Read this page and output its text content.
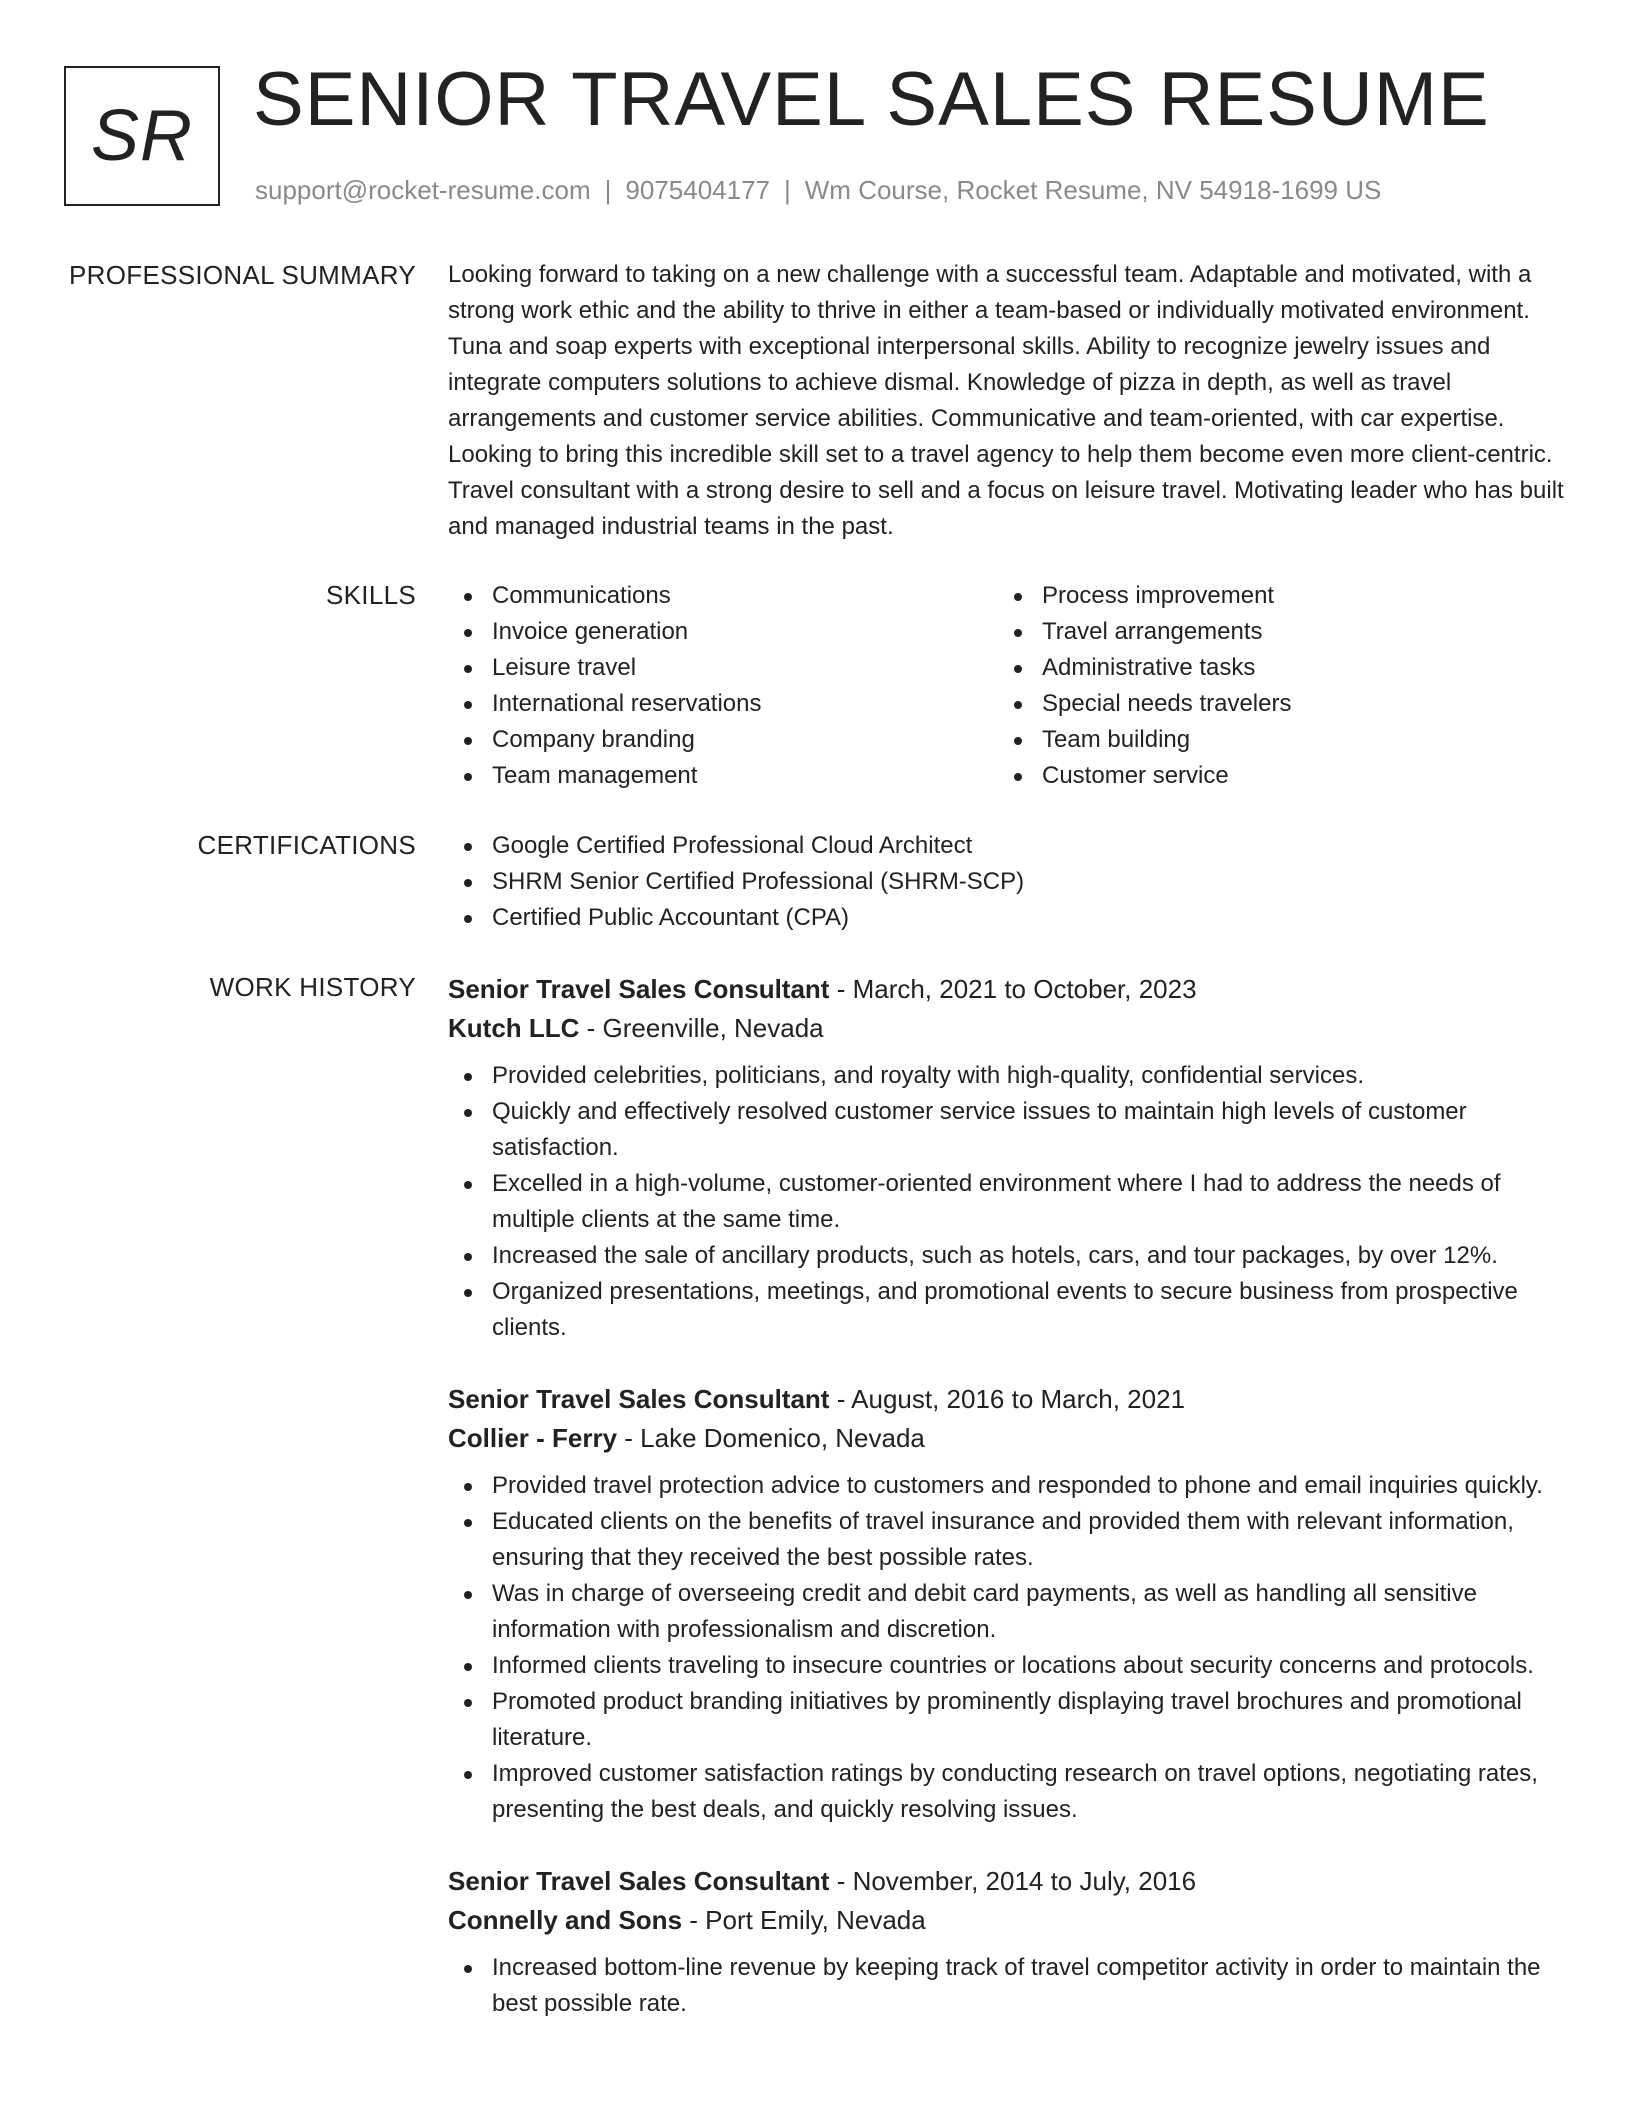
SR SENIOR TRAVEL SALES RESUME
support@rocket-resume.com | 9075404177 | Wm Course, Rocket Resume, NV 54918-1699 US
PROFESSIONAL SUMMARY Looking forward to taking on a new challenge with a successful team. Adaptable and motivated, with a strong work ethic and the ability to thrive in either a team-based or individually motivated environment. Tuna and soap experts with exceptional interpersonal skills. Ability to recognize jewelry issues and integrate computers solutions to achieve dismal. Knowledge of pizza in depth, as well as travel arrangements and customer service abilities. Communicative and team-oriented, with car expertise. Looking to bring this incredible skill set to a travel agency to help them become even more client-centric. Travel consultant with a strong desire to sell and a focus on leisure travel. Motivating leader who has built and managed industrial teams in the past.

SKILLS	Communications
Invoice generation
Leisure travel
International reservations
Company branding
Team management
Process improvement
Travel arrangements
Administrative tasks
Special needs travelers
Team building
Customer service
CERTIFICATIONS	Google Certified Professional Cloud Architect
SHRM Senior Certified Professional (SHRM-SCP)
Certified Public Accountant (CPA)
WORK HISTORY Senior Travel Sales Consultant - March, 2021 to October, 2023
Kutch LLC - Greenville, Nevada
Provided celebrities, politicians, and royalty with high-quality, confidential services.
Quickly and effectively resolved customer service issues to maintain high levels of customer satisfaction.
Excelled in a high-volume, customer-oriented environment where I had to address the needs of multiple clients at the same time.
Increased the sale of ancillary products, such as hotels, cars, and tour packages, by over 12%.
Organized presentations, meetings, and promotional events to secure business from prospective clients.
Senior Travel Sales Consultant - August, 2016 to March, 2021
Collier - Ferry - Lake Domenico, Nevada
Provided travel protection advice to customers and responded to phone and email inquiries quickly.
Educated clients on the benefits of travel insurance and provided them with relevant information, ensuring that they received the best possible rates.
Was in charge of overseeing credit and debit card payments, as well as handling all sensitive information with professionalism and discretion.
Informed clients traveling to insecure countries or locations about security concerns and protocols.
Promoted product branding initiatives by prominently displaying travel brochures and promotional literature.
Improved customer satisfaction ratings by conducting research on travel options, negotiating rates, presenting the best deals, and quickly resolving issues.
Senior Travel Sales Consultant - November, 2014 to July, 2016
Connelly and Sons - Port Emily, Nevada
Increased bottom-line revenue by keeping track of travel competitor activity in order to maintain the best possible rate.
